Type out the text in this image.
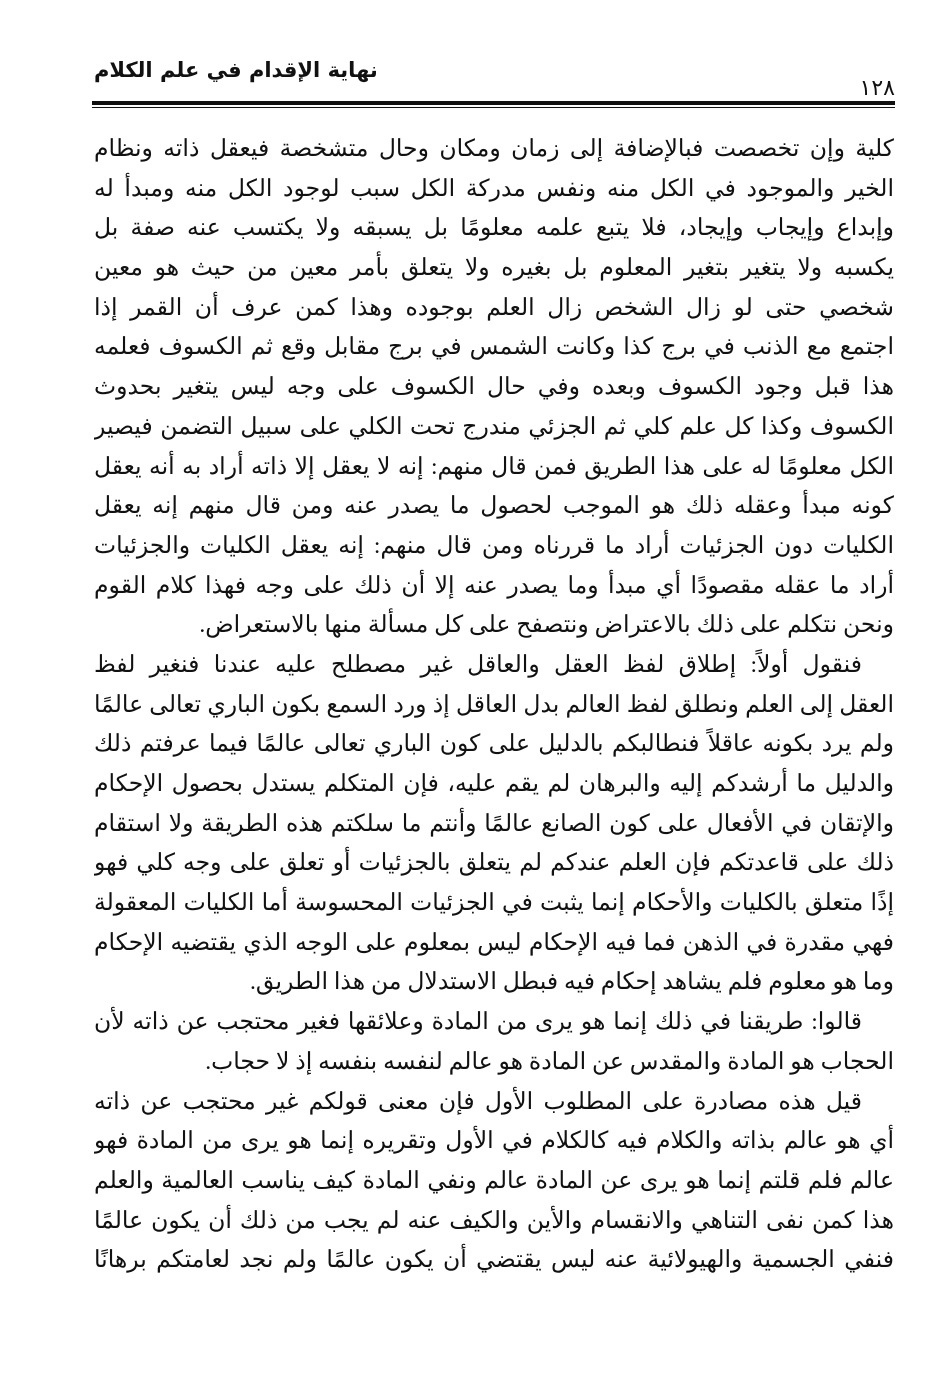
نهاية الإقدام في علم الكلام
١٢٨
كلية وإن تخصصت فبالإضافة إلى زمان ومكان وحال متشخصة فيعقل ذاته ونظام
الخير والموجود في الكل منه ونفس مدركة الكل سبب لوجود الكل منه ومبدأ له
وإبداع وإيجاب وإيجاد، فلا يتبع علمه معلومًا بل يسبقه ولا يكتسب عنه صفة بل
يكسبه ولا يتغير بتغير المعلوم بل بغيره ولا يتعلق بأمر معين من حيث هو معين
شخصي حتى لو زال الشخص زال العلم بوجوده وهذا كمن عرف أن القمر إذا
اجتمع مع الذنب في برج كذا وكانت الشمس في برج مقابل وقع ثم الكسوف فعلمه
هذا قبل وجود الكسوف وبعده وفي حال الكسوف على وجه ليس يتغير بحدوث
الكسوف وكذا كل علم كلي ثم الجزئي مندرج تحت الكلي على سبيل التضمن فيصير
الكل معلومًا له على هذا الطريق فمن قال منهم: إنه لا يعقل إلا ذاته أراد به أنه يعقل
كونه مبدأ وعقله ذلك هو الموجب لحصول ما يصدر عنه ومن قال منهم إنه يعقل
الكليات دون الجزئيات أراد ما قررناه ومن قال منهم: إنه يعقل الكليات والجزئيات
أراد ما عقله مقصودًا أي مبدأ وما يصدر عنه إلا أن ذلك على وجه فهذا كلام القوم
ونحن نتكلم على ذلك بالاعتراض ونتصفح على كل مسألة منها بالاستعراض.
فنقول أولاً: إطلاق لفظ العقل والعاقل غير مصطلح عليه عندنا فنغير لفظ
العقل إلى العلم ونطلق لفظ العالم بدل العاقل إذ ورد السمع بكون الباري تعالى عالمًا
ولم يرد بكونه عاقلاً فنطالبكم بالدليل على كون الباري تعالى عالمًا فيما عرفتم ذلك
والدليل ما أرشدكم إليه والبرهان لم يقم عليه، فإن المتكلم يستدل بحصول الإحكام
والإتقان في الأفعال على كون الصانع عالمًا وأنتم ما سلكتم هذه الطريقة ولا استقام
ذلك على قاعدتكم فإن العلم عندكم لم يتعلق بالجزئيات أو تعلق على وجه كلي فهو
إذًا متعلق بالكليات والأحكام إنما يثبت في الجزئيات المحسوسة أما الكليات المعقولة
فهي مقدرة في الذهن فما فيه الإحكام ليس بمعلوم على الوجه الذي يقتضيه الإحكام
وما هو معلوم فلم يشاهد إحكام فيه فبطل الاستدلال من هذا الطريق.
قالوا: طريقنا في ذلك إنما هو يرى من المادة وعلائقها فغير محتجب عن ذاته لأن
الحجاب هو المادة والمقدس عن المادة هو عالم لنفسه بنفسه إذ لا حجاب.
قيل هذه مصادرة على المطلوب الأول فإن معنى قولكم غير محتجب عن ذاته
أي هو عالم بذاته والكلام فيه كالكلام في الأول وتقريره إنما هو يرى من المادة فهو
عالم فلم قلتم إنما هو يرى عن المادة عالم ونفي المادة كيف يناسب العالمية والعلم
هذا كمن نفى التناهي والانقسام والأين والكيف عنه لم يجب من ذلك أن يكون عالمًا
فنفي الجسمية والهيولائية عنه ليس يقتضي أن يكون عالمًا ولم نجد لعامتكم برهانًا
